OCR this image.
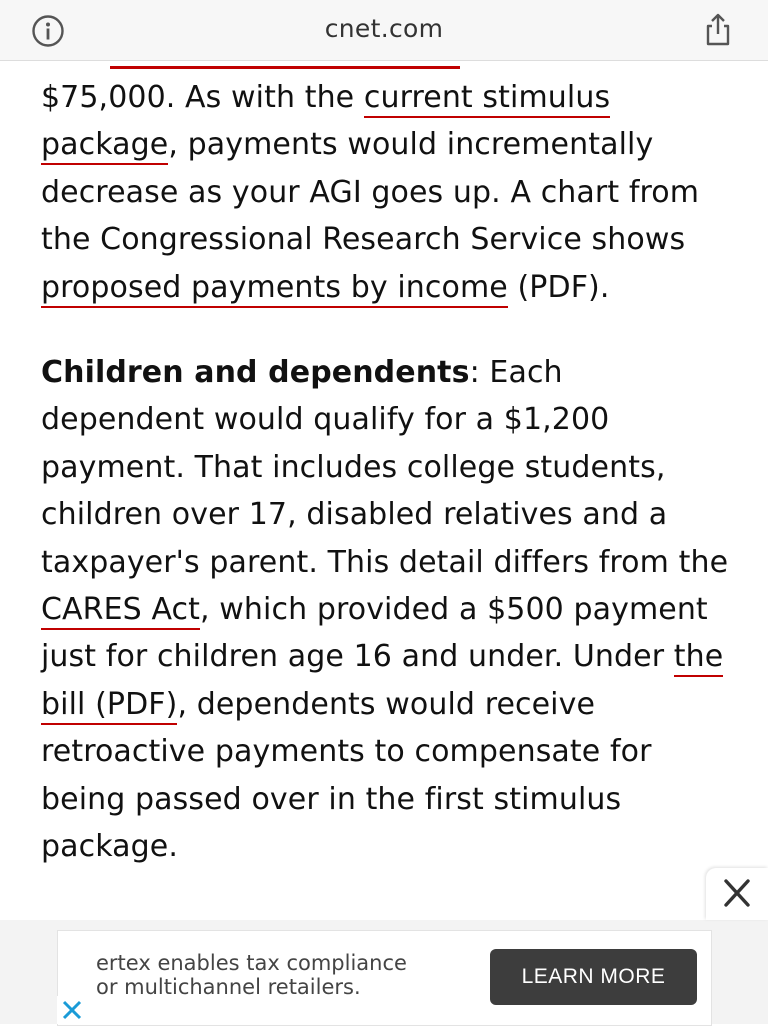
cnet.com

$75,000. As with the current stimulus package, payments would incrementally decrease as your AGI goes up. A chart from the Congressional Research Service shows proposed payments by income (PDF).

Children and dependents: Each dependent would qualify for a $1,200 payment. That includes college students, children over 17, disabled relatives and a taxpayer's parent. This detail differs from the CARES Act, which provided a $500 payment just for children age 16 and under. Under the bill (PDF), dependents would receive retroactive payments to compensate for being passed over in the first stimulus package.

ertex enables tax compliance
or multichannel retailers.	LEARN MORE
